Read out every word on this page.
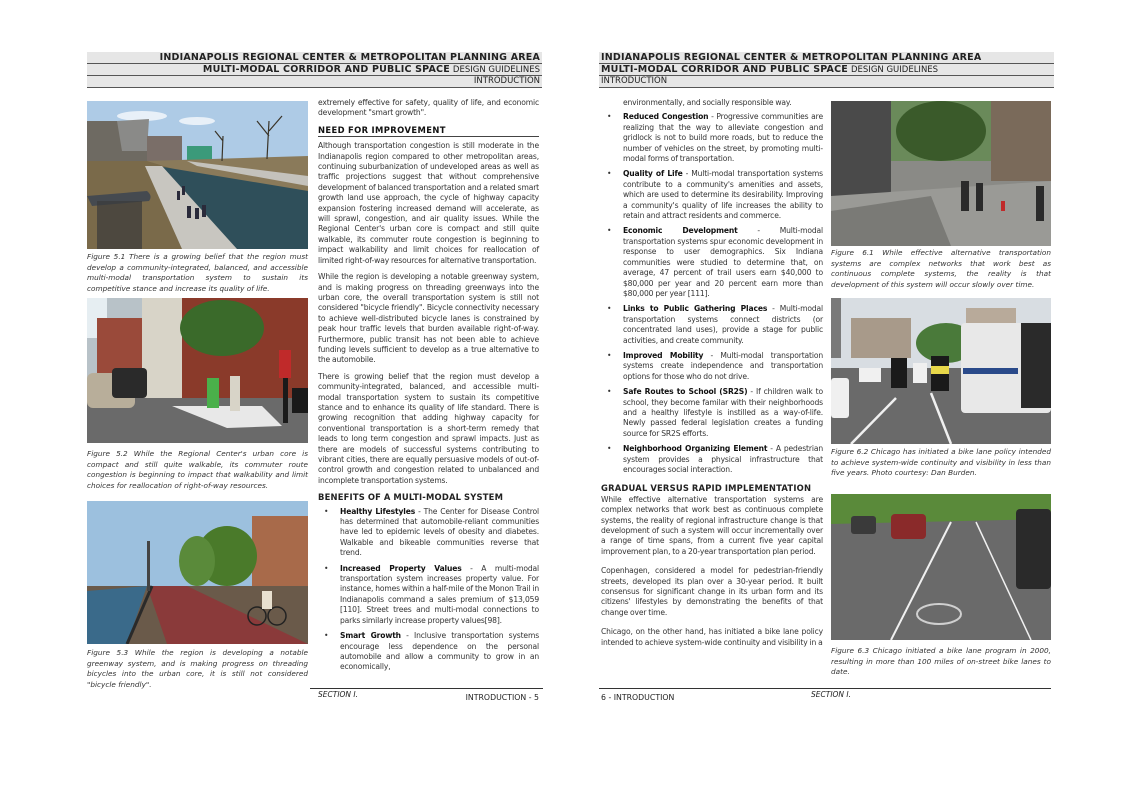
INDIANAPOLIS REGIONAL CENTER & METROPOLITAN PLANNING AREA
MULTI-MODAL CORRIDOR AND PUBLIC SPACE DESIGN GUIDELINES
INTRODUCTION
Figure 5.1 There is a growing belief that the region must develop a community-integrated, balanced, and accessible multi-modal transportation system to sustain its competitive stance and increase its quality of life.
Figure 5.2 While the Regional Center's urban core is compact and still quite walkable, its commuter route congestion is beginning to impact that walkability and limit choices for reallocation of right-of-way resources.
Figure 5.3 While the region is developing a notable greenway system, and is making progress on threading bicycles into the urban core, it is still not considered "bicycle friendly".

extremely effective for safety, quality of life, and economic development "smart growth".

NEED FOR IMPROVEMENT

Although transportation congestion is still moderate in the Indianapolis region compared to other metropolitan areas, continuing suburbanization of undeveloped areas as well as traffic projections suggest that without comprehensive development of balanced transportation and a related smart growth land use approach, the cycle of highway capacity expansion fostering increased demand will accelerate, as will sprawl, congestion, and air quality issues. While the Regional Center's urban core is compact and still quite walkable, its commuter route congestion is beginning to impact walkability and limit choices for reallocation of limited right-of-way resources for alternative transportation.

While the region is developing a notable greenway system, and is making progress on threading greenways into the urban core, the overall transportation system is still not considered "bicycle friendly". Bicycle connectivity necessary to achieve well-distributed bicycle lanes is constrained by peak hour traffic levels that burden available right-of-way. Furthermore, public transit has not been able to achieve funding levels sufficient to develop as a true alternative to the automobile.

There is growing belief that the region must develop a community-integrated, balanced, and accessible multi-modal transportation system to sustain its competitive stance and to enhance its quality of life standard. There is growing recognition that adding highway capacity for conventional transportation is a short-term remedy that leads to long term congestion and sprawl impacts. Just as there are models of successful systems contributing to vibrant cities, there are equally persuasive models of out-of-control growth and congestion related to unbalanced and incomplete transportation systems.

BENEFITS OF A MULTI-MODAL SYSTEM
• Healthy Lifestyles - The Center for Disease Control has determined that automobile-reliant communities have led to epidemic levels of obesity and diabetes. Walkable and bikeable communities reverse that trend.
• Increased Property Values - A multi-modal transportation system increases property value. For instance, homes within a half-mile of the Monon Trail in Indianapolis command a sales premium of $13,059 [110]. Street trees and multi-modal connections to parks similarly increase property values[98].
• Smart Growth - Inclusive transportation systems encourage less dependence on the personal automobile and allow a community to grow in an economically,
SECTION I.	INTRODUCTION - 5
INDIANAPOLIS REGIONAL CENTER & METROPOLITAN PLANNING AREA
MULTI-MODAL CORRIDOR AND PUBLIC SPACE DESIGN GUIDELINES
INTRODUCTION

environmentally, and socially responsible way.

• Reduced Congestion - Progressive communities are realizing that the way to alleviate congestion and gridlock is not to build more roads, but to reduce the number of vehicles on the street, by promoting multi-modal forms of transportation.
• Quality of Life - Multi-modal transportation systems contribute to a community's amenities and assets, which are used to determine its desirability. Improving a community's quality of life increases the ability to retain and attract residents and commerce.
• Economic Development - Multi-modal transportation systems spur economic development in response to user demographics. Six Indiana communities were studied to determine that, on average, 47 percent of trail users earn $40,000 to $80,000 per year and 20 percent earn more than $80,000 per year [111].
• Links to Public Gathering Places - Multi-modal transportation systems connect districts (or concentrated land uses), provide a stage for public activities, and create community.
• Improved Mobility - Multi-modal transportation systems create independence and transportation options for those who do not drive.
• Safe Routes to School (SR2S) - If children walk to school, they become familar with their neighborhoods and a healthy lifestyle is instilled as a way-of-life. Newly passed federal legislation creates a funding source for SR2S efforts.
• Neighborhood Organizing Element - A pedestrian system provides a physical infrastructure that encourages social interaction.
GRADUAL VERSUS RAPID IMPLEMENTATION

While effective alternative transportation systems are complex networks that work best as continuous complete systems, the reality of regional infrastructure change is that development of such a system will occur incrementally over a range of time spans, from a current five year capital improvement plan, to a 20-year transportation plan period.

Copenhagen, considered a model for pedestrian-friendly streets, developed its plan over a 30-year period. It built consensus for significant change in its urban form and its citizens' lifestyles by demonstrating the benefits of that change over time.

Chicago, on the other hand, has initiated a bike lane policy intended to achieve system-wide continuity and visibility in a

Figure 6.1 While effective alternative transportation systems are complex networks that work best as continuous complete systems, the reality is that development of this system will occur slowly over time.
Figure 6.2 Chicago has initiated a bike lane policy intended to achieve system-wide continuity and visibility in less than five years. Photo courtesy: Dan Burden.
Figure 6.3 Chicago initiated a bike lane program in 2000, resulting in more than 100 miles of on-street bike lanes to date.
6 - INTRODUCTION	SECTION I.
